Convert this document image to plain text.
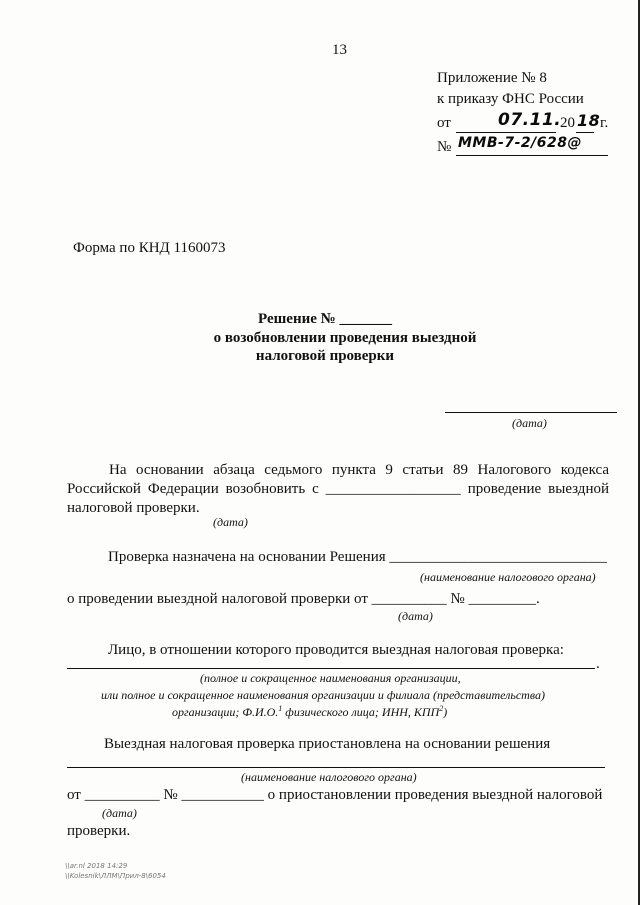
13
Приложение № 8
к приказу ФНС России
от	07.11.
20 18 г.
№ ММВ-7-2/628@
Форма по КНД 1160073
Решение № _______
о возобновлении проведения выездной
налоговой проверки
(дата)
На основании абзаца седьмого пункта 9 статьи 89 Налогового кодекса Российской Федерации возобновить с __________________ проведение выездной налоговой проверки.
(дата)
Проверка назначена на основании Решения _____________________________
(наименование налогового органа)
о проведении выездной налоговой проверки от __________ № _________.
(дата)
Лицо, в отношении которого проводится выездная налоговая проверка:
.
(полное и сокращенное наименования организации,
или полное и сокращенное наименования организации и филиала (представительства)
организации; Ф.И.О.$^1$ физического лица; ИНН, КПП$^2$)
Выездная налоговая проверка приостановлена на основании решения
(наименование налогового органа)
от __________ № ___________ о приостановлении проведения выездной налоговой
(дата)
проверки.
\\ar.nl 2018 14:29
\\Kolesnik\ЛЛМ\Прил-8\6054
